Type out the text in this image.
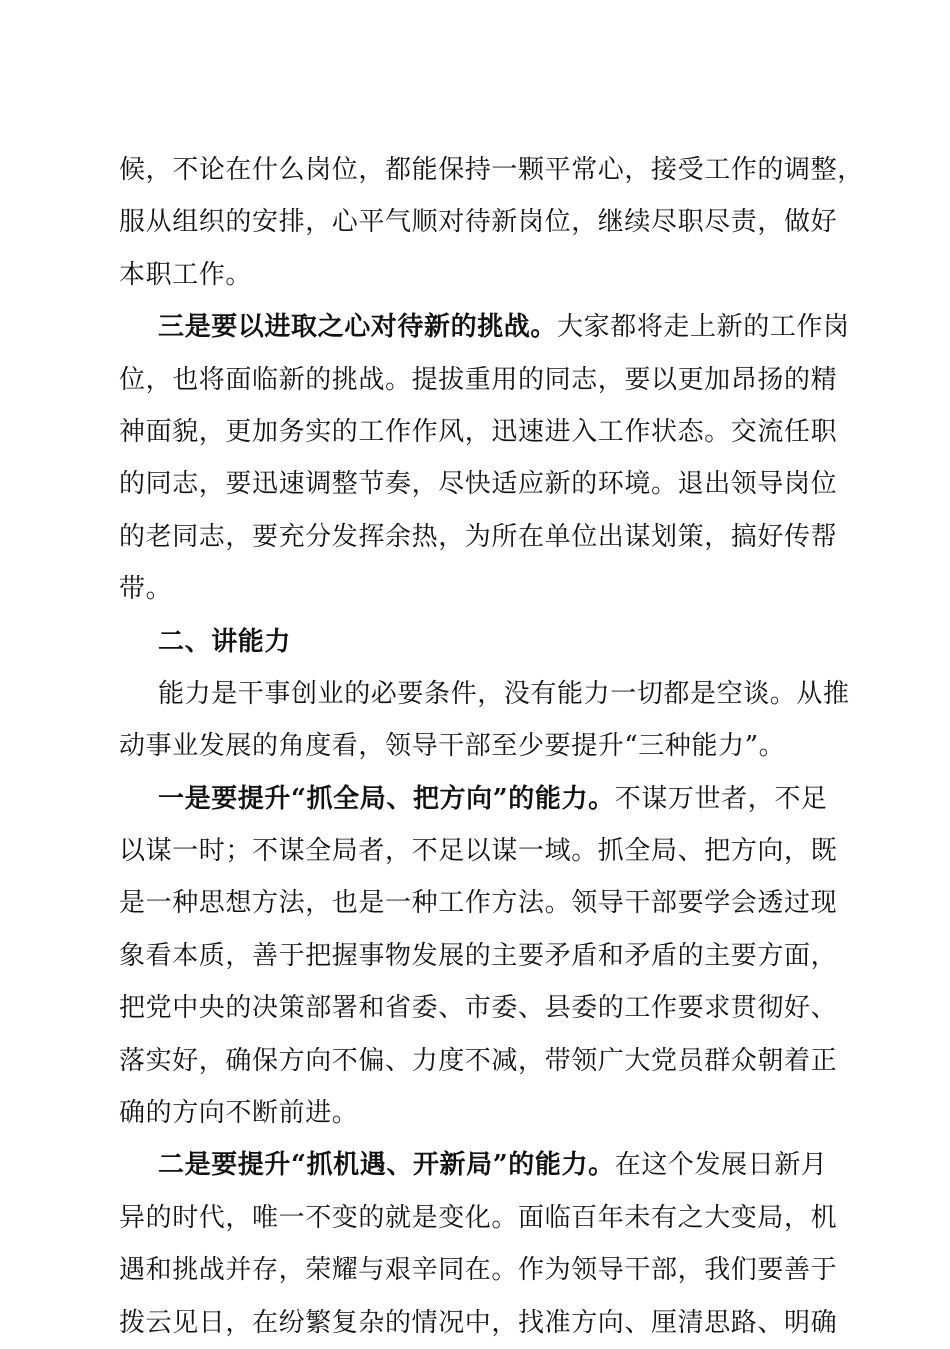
候，不论在什么岗位，都能保持一颗平常心，接受工作的调整，
服从组织的安排，心平气顺对待新岗位，继续尽职尽责，做好
本职工作。
三是要以进取之心对待新的挑战。大家都将走上新的工作岗
位，也将面临新的挑战。提拔重用的同志，要以更加昂扬的精
神面貌，更加务实的工作作风，迅速进入工作状态。交流任职
的同志，要迅速调整节奏，尽快适应新的环境。退出领导岗位
的老同志，要充分发挥余热，为所在单位出谋划策，搞好传帮
带。
二、讲能力
能力是干事创业的必要条件，没有能力一切都是空谈。从推
动事业发展的角度看，领导干部至少要提升“三种能力”。
一是要提升“抓全局、把方向”的能力。不谋万世者，不足
以谋一时；不谋全局者，不足以谋一域。抓全局、把方向，既
是一种思想方法，也是一种工作方法。领导干部要学会透过现
象看本质，善于把握事物发展的主要矛盾和矛盾的主要方面，
把党中央的决策部署和省委、市委、县委的工作要求贯彻好、
落实好，确保方向不偏、力度不减，带领广大党员群众朝着正
确的方向不断前进。
二是要提升“抓机遇、开新局”的能力。在这个发展日新月
异的时代，唯一不变的就是变化。面临百年未有之大变局，机
遇和挑战并存，荣耀与艰辛同在。作为领导干部，我们要善于
拨云见日，在纷繁复杂的情况中，找准方向、厘清思路、明确
